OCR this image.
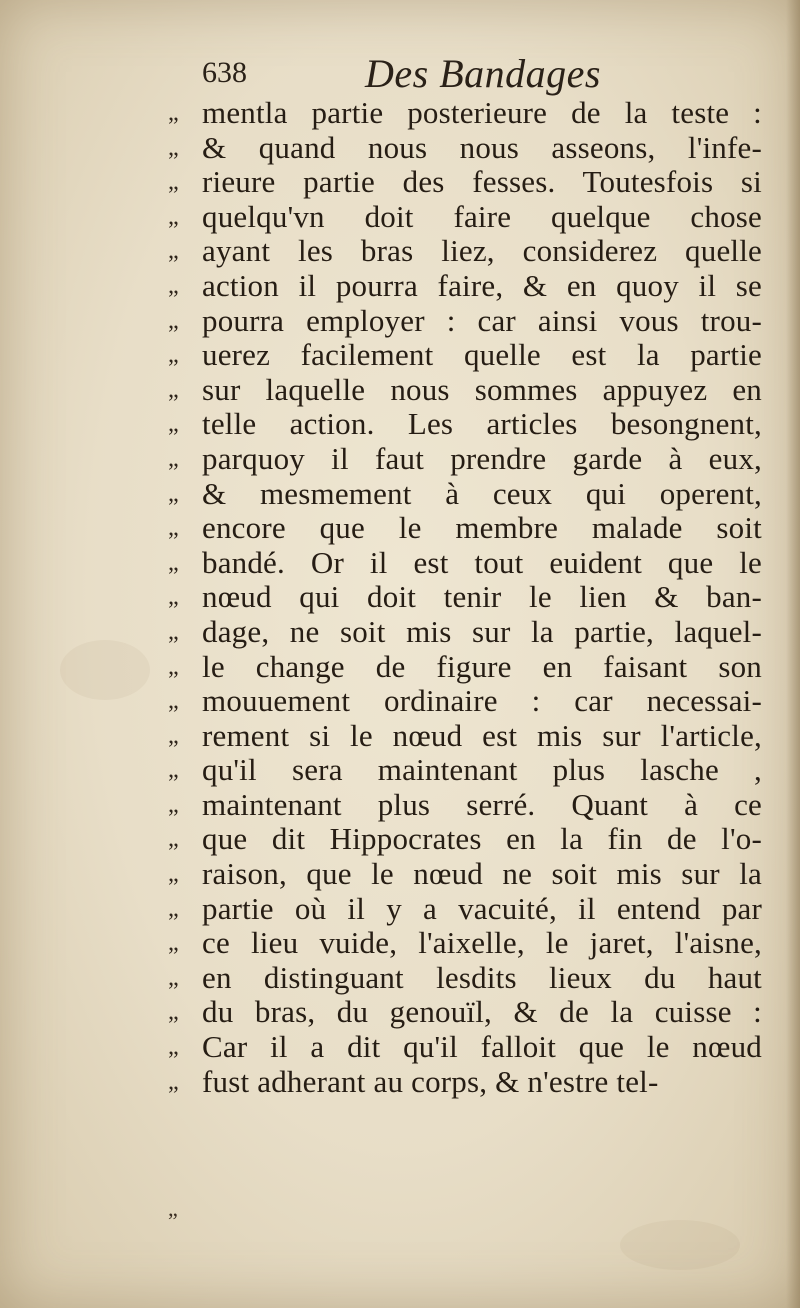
638	Des Bandages
„ mentla partie posterieure de la teste :
„ & quand nous nous asseons, l'infe-
„ rieure partie des fesses. Toutesfois si
„ quelqu'vn doit faire quelque chose
„ ayant les bras liez, considerez quelle
„ action il pourra faire, & en quoy il se
„ pourra employer : car ainsi vous trou-
„ uerez facilement quelle est la partie
„ sur laquelle nous sommes appuyez en
„ telle action. Les articles besongnent,
„ parquoy il faut prendre garde à eux,
„ & mesmement à ceux qui operent,
„ encore que le membre malade soit
„ bandé. Or il est tout euident que le
„ nœud qui doit tenir le lien & ban-
„ dage, ne soit mis sur la partie, laquel-
„ le change de figure en faisant son
„ mouuement ordinaire : car necessai-
„ rement si le nœud est mis sur l'article,
„ qu'il sera maintenant plus lasche ,
„ maintenant plus serré. Quant à ce
„ que dit Hippocrates en la fin de l'o-
„ raison, que le nœud ne soit mis sur la
„ partie où il y a vacuité, il entend par
„ ce lieu vuide, l'aixelle, le jaret, l'aisne,
„ en distinguant lesdits lieux du haut
„ du bras, du genouïl, & de la cuisse :
„ Car il a dit qu'il falloit que le nœud
„ fust adherant au corps, & n'estre tel-
„
